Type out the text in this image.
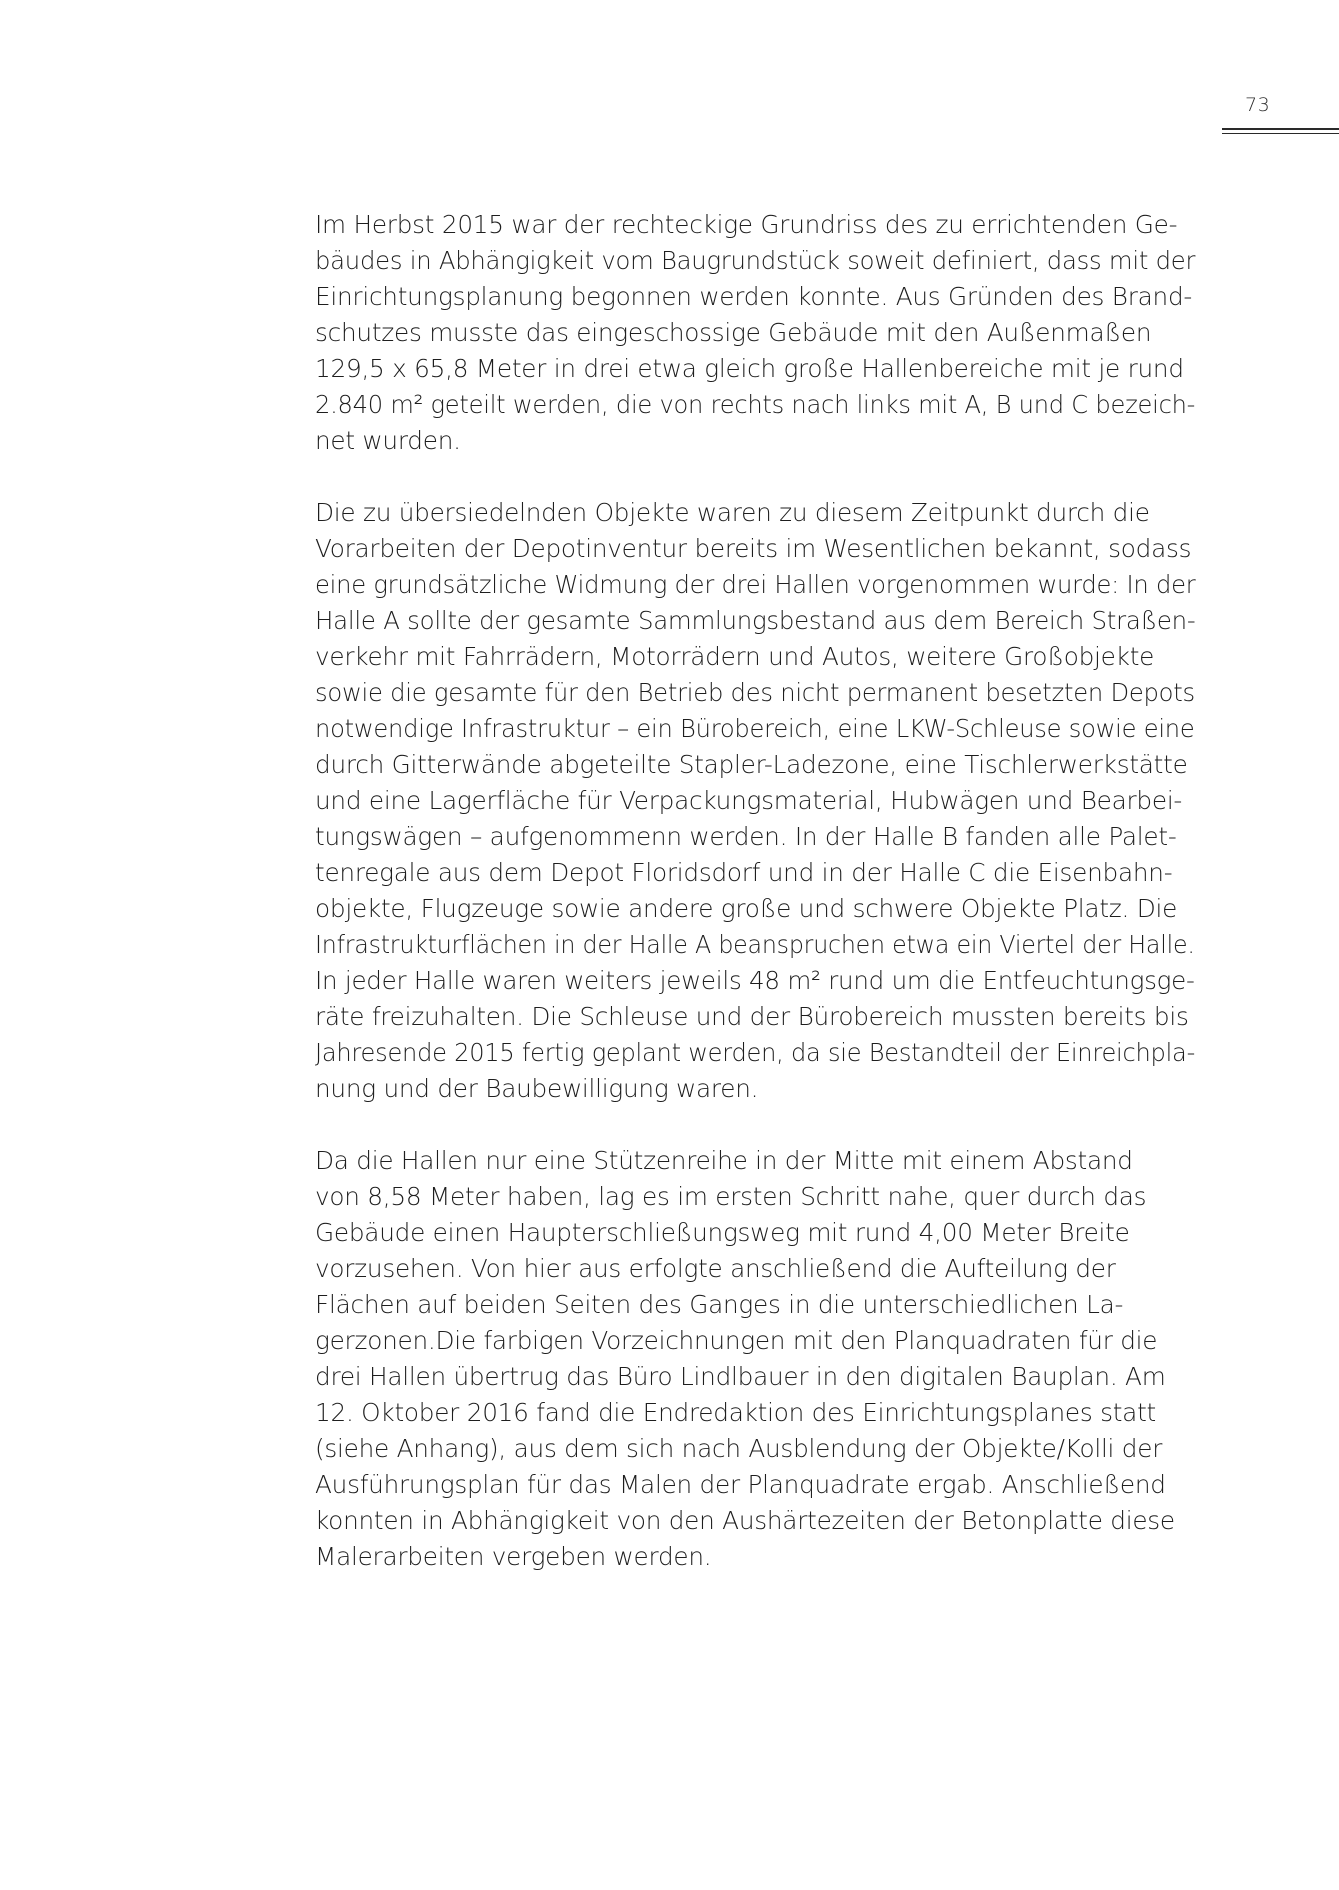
73
Im Herbst 2015 war der rechteckige Grundriss des zu errichtenden Ge-
bäudes in Abhängigkeit vom Baugrundstück soweit definiert, dass mit der
Einrichtungsplanung begonnen werden konnte. Aus Gründen des Brand-
schutzes musste das eingeschossige Gebäude mit den Außenmaßen
129,5 x 65,8 Meter in drei etwa gleich große Hallenbereiche mit je rund
2.840 m² geteilt werden, die von rechts nach links mit A, B und C bezeich-
net wurden.
Die zu übersiedelnden Objekte waren zu diesem Zeitpunkt durch die
Vorarbeiten der Depotinventur bereits im Wesentlichen bekannt, sodass
eine grundsätzliche Widmung der drei Hallen vorgenommen wurde: In der
Halle A sollte der gesamte Sammlungsbestand aus dem Bereich Straßen-
verkehr mit Fahrrädern, Motorrädern und Autos, weitere Großobjekte
sowie die gesamte für den Betrieb des nicht permanent besetzten Depots
notwendige Infrastruktur – ein Bürobereich, eine LKW-Schleuse sowie eine
durch Gitterwände abgeteilte Stapler-Ladezone, eine Tischlerwerkstätte
und eine Lagerfläche für Verpackungsmaterial, Hubwägen und Bearbei-
tungswägen – aufgenommenn werden. In der Halle B fanden alle Palet-
tenregale aus dem Depot Floridsdorf und in der Halle C die Eisenbahn-
objekte, Flugzeuge sowie andere große und schwere Objekte Platz. Die
Infrastrukturflächen in der Halle A beanspruchen etwa ein Viertel der Halle.
In jeder Halle waren weiters jeweils 48 m² rund um die Entfeuchtungsge-
räte freizuhalten. Die Schleuse und der Bürobereich mussten bereits bis
Jahresende 2015 fertig geplant werden, da sie Bestandteil der Einreichpla-
nung und der Baubewilligung waren.
Da die Hallen nur eine Stützenreihe in der Mitte mit einem Abstand
von 8,58 Meter haben, lag es im ersten Schritt nahe, quer durch das
Gebäude einen Haupterschließungsweg mit rund 4,00 Meter Breite
vorzusehen. Von hier aus erfolgte anschließend die Aufteilung der
Flächen auf beiden Seiten des Ganges in die unterschiedlichen La-
gerzonen.Die farbigen Vorzeichnungen mit den Planquadraten für die
drei Hallen übertrug das Büro Lindlbauer in den digitalen Bauplan. Am
12. Oktober 2016 fand die Endredaktion des Einrichtungsplanes statt
(siehe Anhang), aus dem sich nach Ausblendung der Objekte/Kolli der
Ausführungsplan für das Malen der Planquadrate ergab. Anschließend
konnten in Abhängigkeit von den Aushärtezeiten der Betonplatte diese
Malerarbeiten vergeben werden.
